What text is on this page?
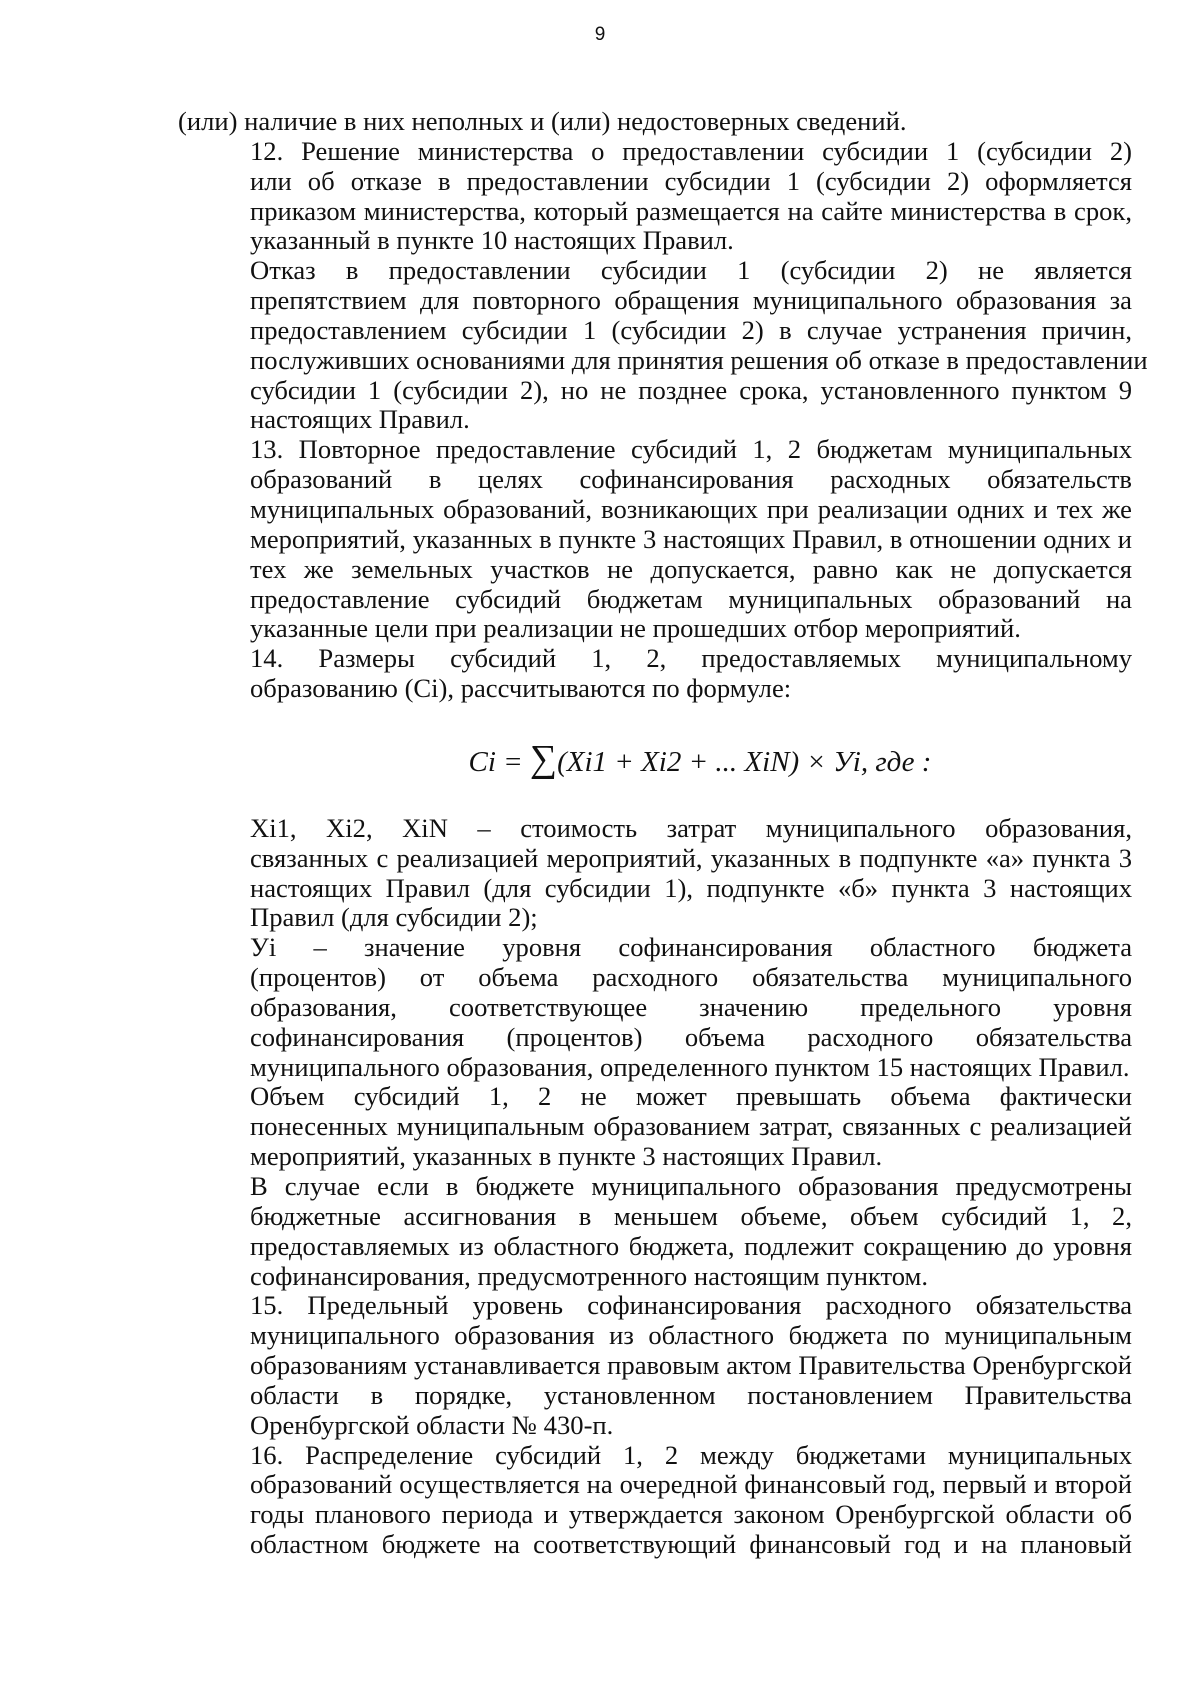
9
(или) наличие в них неполных и (или) недостоверных сведений.
12. Решение министерства о предоставлении субсидии 1 (субсидии 2)
или об отказе в предоставлении субсидии 1 (субсидии 2) оформляется
приказом министерства, который размещается на сайте министерства в срок,
указанный в пункте 10 настоящих Правил.
Отказ в предоставлении субсидии 1 (субсидии 2) не является
препятствием для повторного обращения муниципального образования за
предоставлением субсидии 1 (субсидии 2) в случае устранения причин,
послуживших основаниями для принятия решения об отказе в предоставлении
субсидии 1 (субсидии 2), но не позднее срока, установленного пунктом 9
настоящих Правил.
13. Повторное предоставление субсидий 1, 2 бюджетам муниципальных
образований в целях софинансирования расходных обязательств
муниципальных образований, возникающих при реализации одних и тех же
мероприятий, указанных в пункте 3 настоящих Правил, в отношении одних и
тех же земельных участков не допускается, равно как не допускается
предоставление субсидий бюджетам муниципальных образований на
указанные цели при реализации не прошедших отбор мероприятий.
14. Размеры субсидий 1, 2, предоставляемых муниципальному
образованию (Ci), рассчитываются по формуле:
Ci = ∑(Xi1 + Xi2 + ... XiN) × Уi, где :
Xi1, Xi2, XiN – стоимость затрат муниципального образования,
связанных с реализацией мероприятий, указанных в подпункте «а» пункта 3
настоящих Правил (для субсидии 1), подпункте «б» пункта 3 настоящих
Правил (для субсидии 2);
Уi – значение уровня софинансирования областного бюджета
(процентов) от объема расходного обязательства муниципального
образования, соответствующее значению предельного уровня
софинансирования (процентов) объема расходного обязательства
муниципального образования, определенного пунктом 15 настоящих Правил.
Объем субсидий 1, 2 не может превышать объема фактически
понесенных муниципальным образованием затрат, связанных с реализацией
мероприятий, указанных в пункте 3 настоящих Правил.
В случае если в бюджете муниципального образования предусмотрены
бюджетные ассигнования в меньшем объеме, объем субсидий 1, 2,
предоставляемых из областного бюджета, подлежит сокращению до уровня
софинансирования, предусмотренного настоящим пунктом.
15. Предельный уровень софинансирования расходного обязательства
муниципального образования из областного бюджета по муниципальным
образованиям устанавливается правовым актом Правительства Оренбургской
области в порядке, установленном постановлением Правительства
Оренбургской области № 430-п.
16. Распределение субсидий 1, 2 между бюджетами муниципальных
образований осуществляется на очередной финансовый год, первый и второй
годы планового периода и утверждается законом Оренбургской области об
областном бюджете на соответствующий финансовый год и на плановый
